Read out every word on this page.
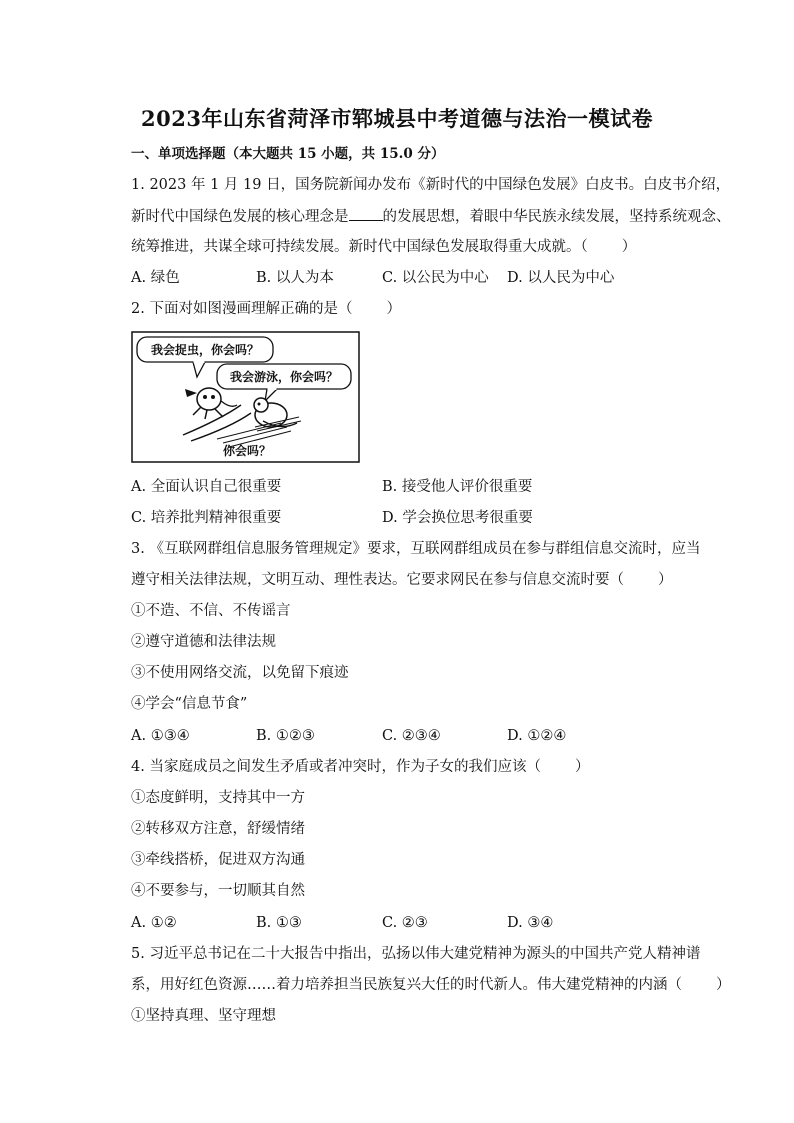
2023年山东省菏泽市郓城县中考道德与法治一模试卷
一、单项选择题（本大题共 15 小题，共 15.0 分）
1. 2023 年 1 月 19 日，国务院新闻办发布《新时代的中国绿色发展》白皮书。白皮书介绍，
新时代中国绿色发展的核心理念是 的发展思想，着眼中华民族永续发展，坚持系统观念、
统筹推进，共谋全球可持续发展。新时代中国绿色发展取得重大成就。（ ）
A. 绿色	B. 以人为本	C. 以公民为中心 D. 以人民为中心
2. 下面对如图漫画理解正确的是（ ）
我会捉虫，你会吗？
我会游泳，你会吗？
你会吗？
A. 全面认识自己很重要	B. 接受他人评价很重要
C. 培养批判精神很重要	D. 学会换位思考很重要
3. 《互联网群组信息服务管理规定》要求，互联网群组成员在参与群组信息交流时，应当
遵守相关法律法规，文明互动、理性表达。它要求网民在参与信息交流时要（ ）
①不造、不信、不传谣言
②遵守道德和法律法规
③不使用网络交流，以免留下痕迹
④学会“信息节食”
A. ①③④	B. ①②③	C. ②③④	D. ①②④
4. 当家庭成员之间发生矛盾或者冲突时，作为子女的我们应该（ ）
①态度鲜明，支持其中一方
②转移双方注意，舒缓情绪
③牵线搭桥，促进双方沟通
④不要参与，一切顺其自然
A. ①②	B. ①③	C. ②③	D. ③④
5. 习近平总书记在二十大报告中指出，弘扬以伟大建党精神为源头的中国共产党人精神谱
系，用好红色资源……着力培养担当民族复兴大任的时代新人。伟大建党精神的内涵（ ）
①坚持真理、坚守理想
